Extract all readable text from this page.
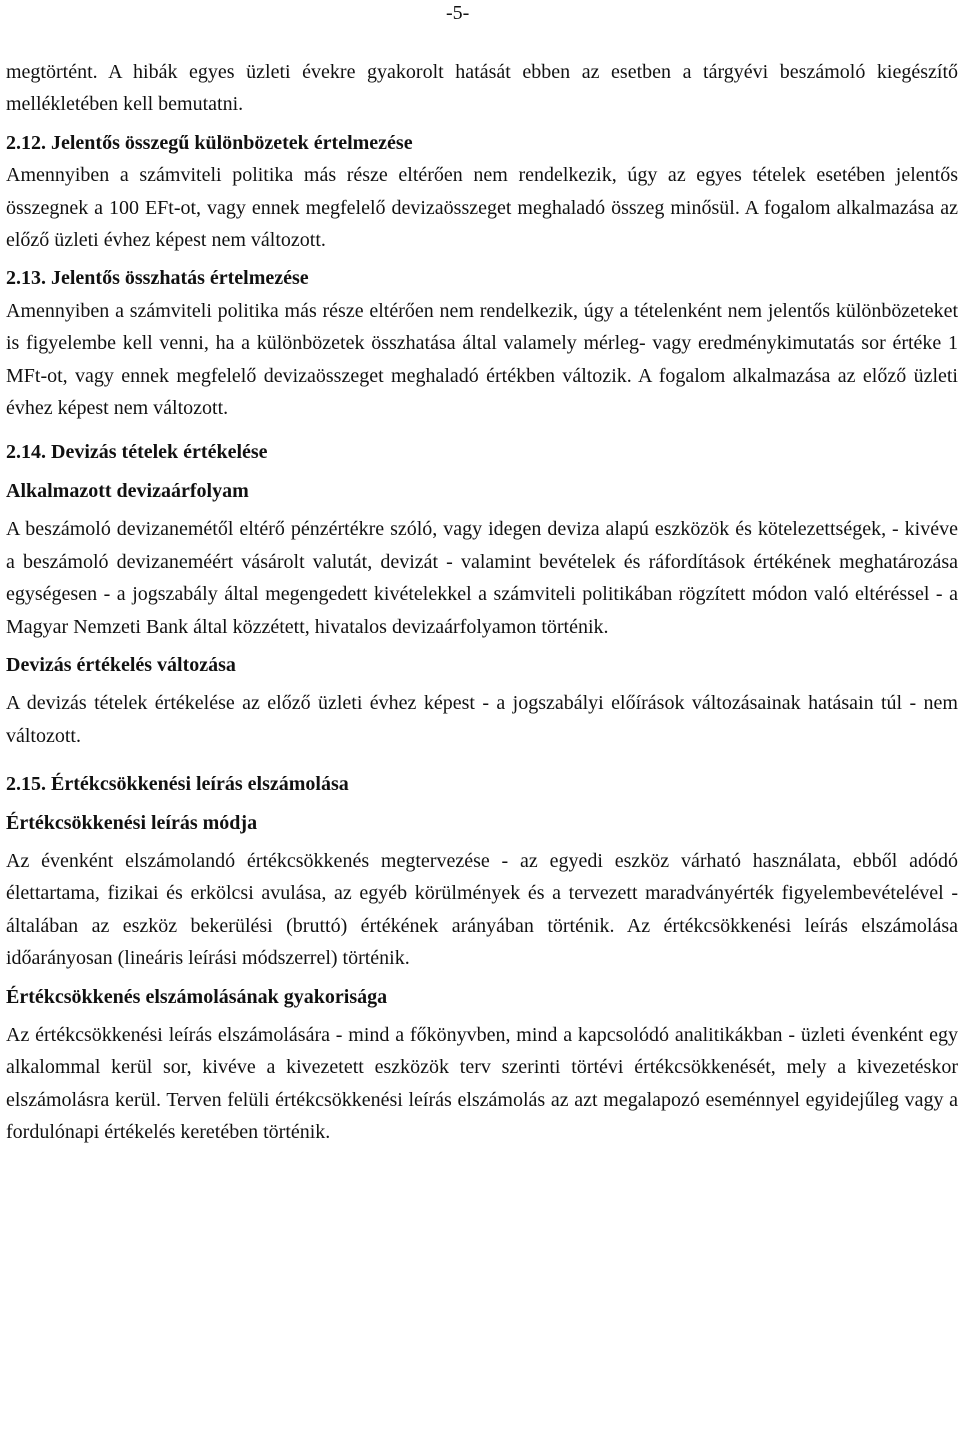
-5-

megtörtént. A hibák egyes üzleti évekre gyakorolt hatását ebben az esetben a tárgyévi beszámoló kiegészítő mellékletében kell bemutatni.

2.12. Jelentős összegű különbözetek értelmezése

Amennyiben a számviteli politika más része eltérően nem rendelkezik, úgy az egyes tételek esetében jelentős összegnek a 100 EFt-ot, vagy ennek megfelelő devizaösszeget meghaladó összeg minősül. A fogalom alkalmazása az előző üzleti évhez képest nem változott.

2.13. Jelentős összhatás értelmezése

Amennyiben a számviteli politika más része eltérően nem rendelkezik, úgy a tételenként nem jelentős különbözeteket is figyelembe kell venni, ha a különbözetek összhatása által valamely mérleg- vagy eredménykimutatás sor értéke 1 MFt-ot, vagy ennek megfelelő devizaösszeget meghaladó értékben változik. A fogalom alkalmazása az előző üzleti évhez képest nem változott.

2.14. Devizás tételek értékelése

Alkalmazott devizaárfolyam

A beszámoló devizanemétől eltérő pénzértékre szóló, vagy idegen deviza alapú eszközök és kötelezettségek, - kivéve a beszámoló devizaneméért vásárolt valutát, devizát - valamint bevételek és ráfordítások értékének meghatározása egységesen - a jogszabály által megengedett kivételekkel a számviteli politikában rögzített módon való eltéréssel - a Magyar Nemzeti Bank által közzétett, hivatalos devizaárfolyamon történik.

Devizás értékelés változása

A devizás tételek értékelése az előző üzleti évhez képest - a jogszabályi előírások változásainak hatásain túl - nem változott.

2.15. Értékcsökkenési leírás elszámolása

Értékcsökkenési leírás módja

Az évenként elszámolandó értékcsökkenés megtervezése - az egyedi eszköz várható használata, ebből adódó élettartama, fizikai és erkölcsi avulása, az egyéb körülmények és a tervezett maradványérték figyelembevételével - általában az eszköz bekerülési (bruttó) értékének arányában történik. Az értékcsökkenési leírás elszámolása időarányosan (lineáris leírási módszerrel) történik.

Értékcsökkenés elszámolásának gyakorisága

Az értékcsökkenési leírás elszámolására - mind a főkönyvben, mind a kapcsolódó analitikákban - üzleti évenként egy alkalommal kerül sor, kivéve a kivezetett eszközök terv szerinti törtévi értékcsökkenését, mely a kivezetéskor elszámolásra kerül. Terven felüli értékcsökkenési leírás elszámolás az azt megalapozó eseménnyel egyidejűleg vagy a fordulónapi értékelés keretében történik.
